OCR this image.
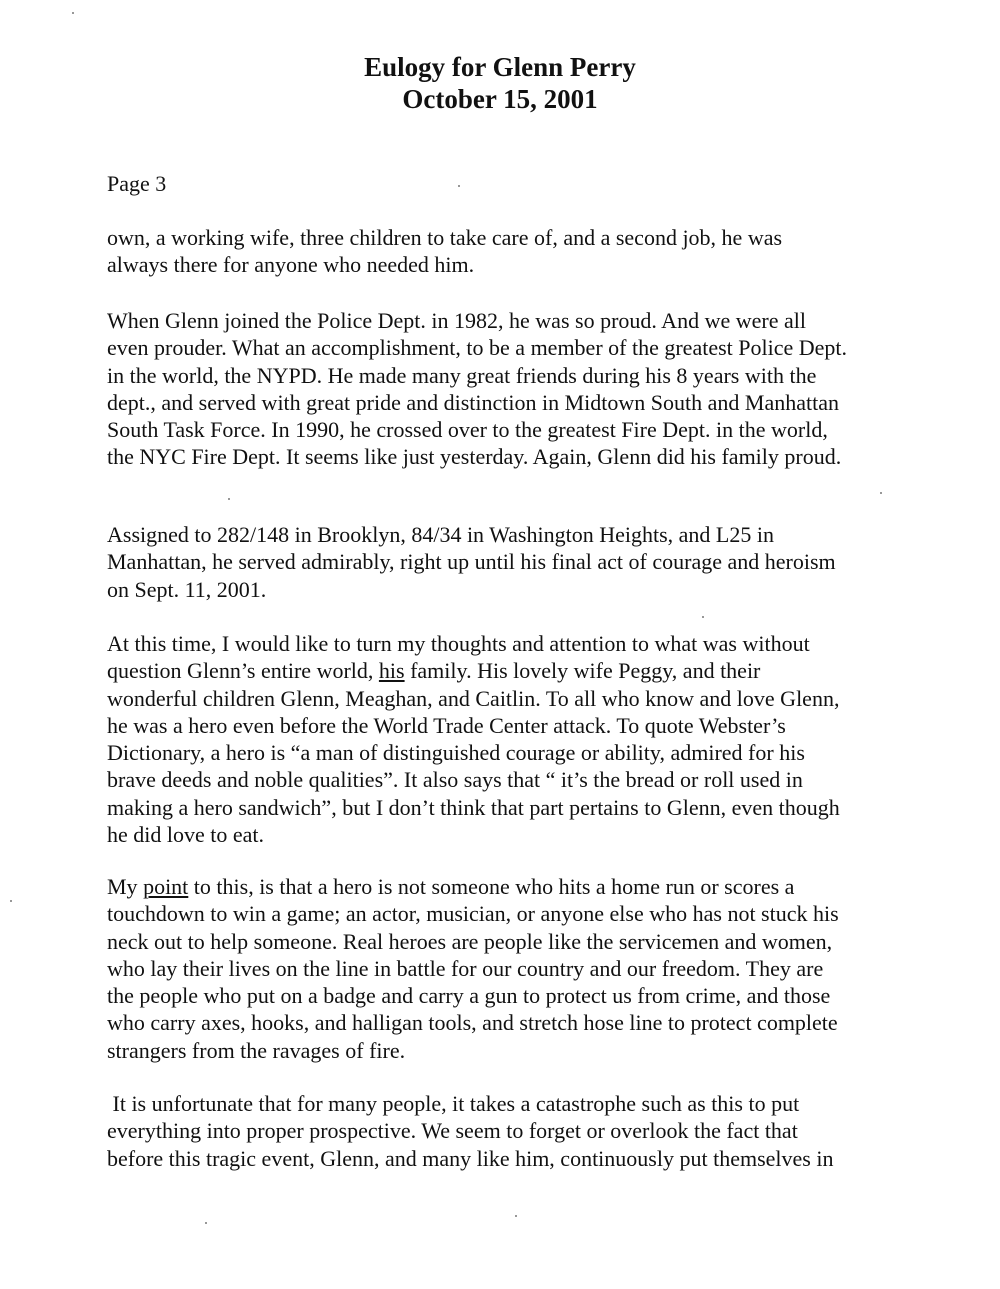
Eulogy for Glenn Perry
October 15, 2001
Page 3
own, a working wife, three children to take care of, and a second job, he was
always there for anyone who needed him.
When Glenn joined the Police Dept. in 1982, he was so proud. And we were all
even prouder. What an accomplishment, to be a member of the greatest Police Dept.
in the world, the NYPD. He made many great friends during his 8 years with the
dept., and served with great pride and distinction in Midtown South and Manhattan
South Task Force. In 1990, he crossed over to the greatest Fire Dept. in the world,
the NYC Fire Dept. It seems like just yesterday. Again, Glenn did his family proud.
Assigned to 282/148 in Brooklyn, 84/34 in Washington Heights, and L25 in
Manhattan, he served admirably, right up until his final act of courage and heroism
on Sept. 11, 2001.
At this time, I would like to turn my thoughts and attention to what was without
question Glenn’s entire world, his family. His lovely wife Peggy, and their
wonderful children Glenn, Meaghan, and Caitlin. To all who know and love Glenn,
he was a hero even before the World Trade Center attack. To quote Webster’s
Dictionary, a hero is “a man of distinguished courage or ability, admired for his
brave deeds and noble qualities”. It also says that “ it’s the bread or roll used in
making a hero sandwich”, but I don’t think that part pertains to Glenn, even though
he did love to eat.
My point to this, is that a hero is not someone who hits a home run or scores a
touchdown to win a game; an actor, musician, or anyone else who has not stuck his
neck out to help someone. Real heroes are people like the servicemen and women,
who lay their lives on the line in battle for our country and our freedom. They are
the people who put on a badge and carry a gun to protect us from crime, and those
who carry axes, hooks, and halligan tools, and stretch hose line to protect complete
strangers from the ravages of fire.
It is unfortunate that for many people, it takes a catastrophe such as this to put
everything into proper prospective. We seem to forget or overlook the fact that
before this tragic event, Glenn, and many like him, continuously put themselves in
